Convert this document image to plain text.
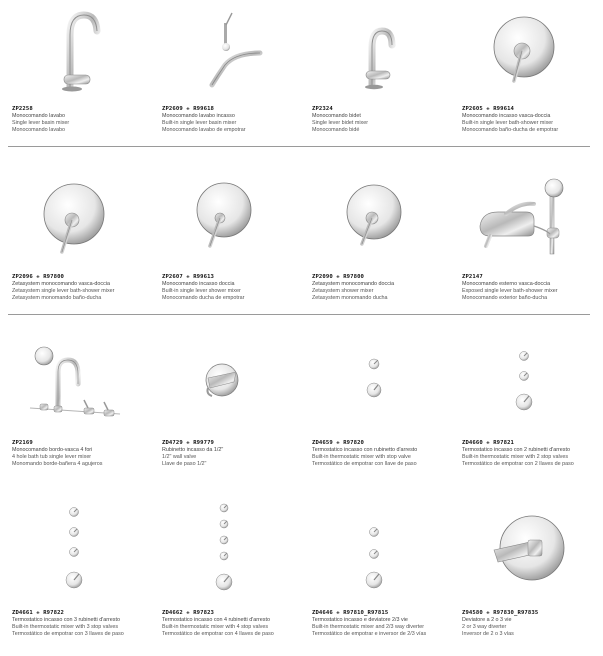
ZP2258
Monocomando lavabo
Single lever basin mixer
Monocomando lavabo
ZP2609 + R99618
Monocomando lavabo incasso
Built-in single lever basin mixer
Monocomando lavabo de empotrar
ZP2324
Monocomando bidet
Single lever bidet mixer
Monocomando bidé
ZP2605 + R99614
Monocomando incasso vasca-doccia
Built-in single lever bath-shower mixer
Monocomando baño-ducha de empotrar
ZP2096 + R97800
Zetasystem monocomando vasca-doccia
Zetasystem single lever bath-shower mixer
Zetasystem monomando baño-ducha
ZP2607 + R99613
Monocomando incasso doccia
Built-in single lever shower mixer
Monocomando ducha de empotrar
ZP2090 + R97800
Zetasystem monocomando doccia
Zetasystem shower mixer
Zetasystem monomando ducha
ZP2147
Monocomando esterno vasca-doccia
Exposed single lever bath-shower mixer
Monocomando exterior baño-ducha
ZP2169
Monocomando bordo-vasca 4 fori
4 hole bath tub single lever mixer
Monomando borde-bañera 4 agujeros
ZD4729 + R99779
Rubinetto incasso da 1/2"
1/2" wall valve
Llave de paso 1/2"
ZD4659 + R97820
Termostatico incasso con rubinetto d'arresto
Built-in thermostatic mixer with stop valve
Termostático de empotrar con llave de paso
ZD4660 + R97821
Termostatico incasso con 2 rubinetti d'arresto
Built-in thermostatic mixer with 2 stop valves
Termostático de empotrar con 2 llaves de paso
ZD4661 + R97822
Termostatico incasso con 3 rubinetti d'arresto
Built-in thermostatic mixer with 3 stop valves
Termostático de empotrar con 3 llaves de paso
ZD4662 + R97823
Termostatico incasso con 4 rubinetti d'arresto
Built-in thermostatic mixer with 4 stop valves
Termostático de empotrar con 4 llaves de paso
ZD4646 + R97810_R97815
Termostatico incasso e deviatore 2/3 vie
Built-in thermostatic mixer and 2/3 way diverter
Termostático de empotrar e inversor de 2/3 vías
Z94580 + R97830_R97835
Deviatore a 2 o 3 vie
2 or 3 way diverter
Inversor de 2 o 3 vías
